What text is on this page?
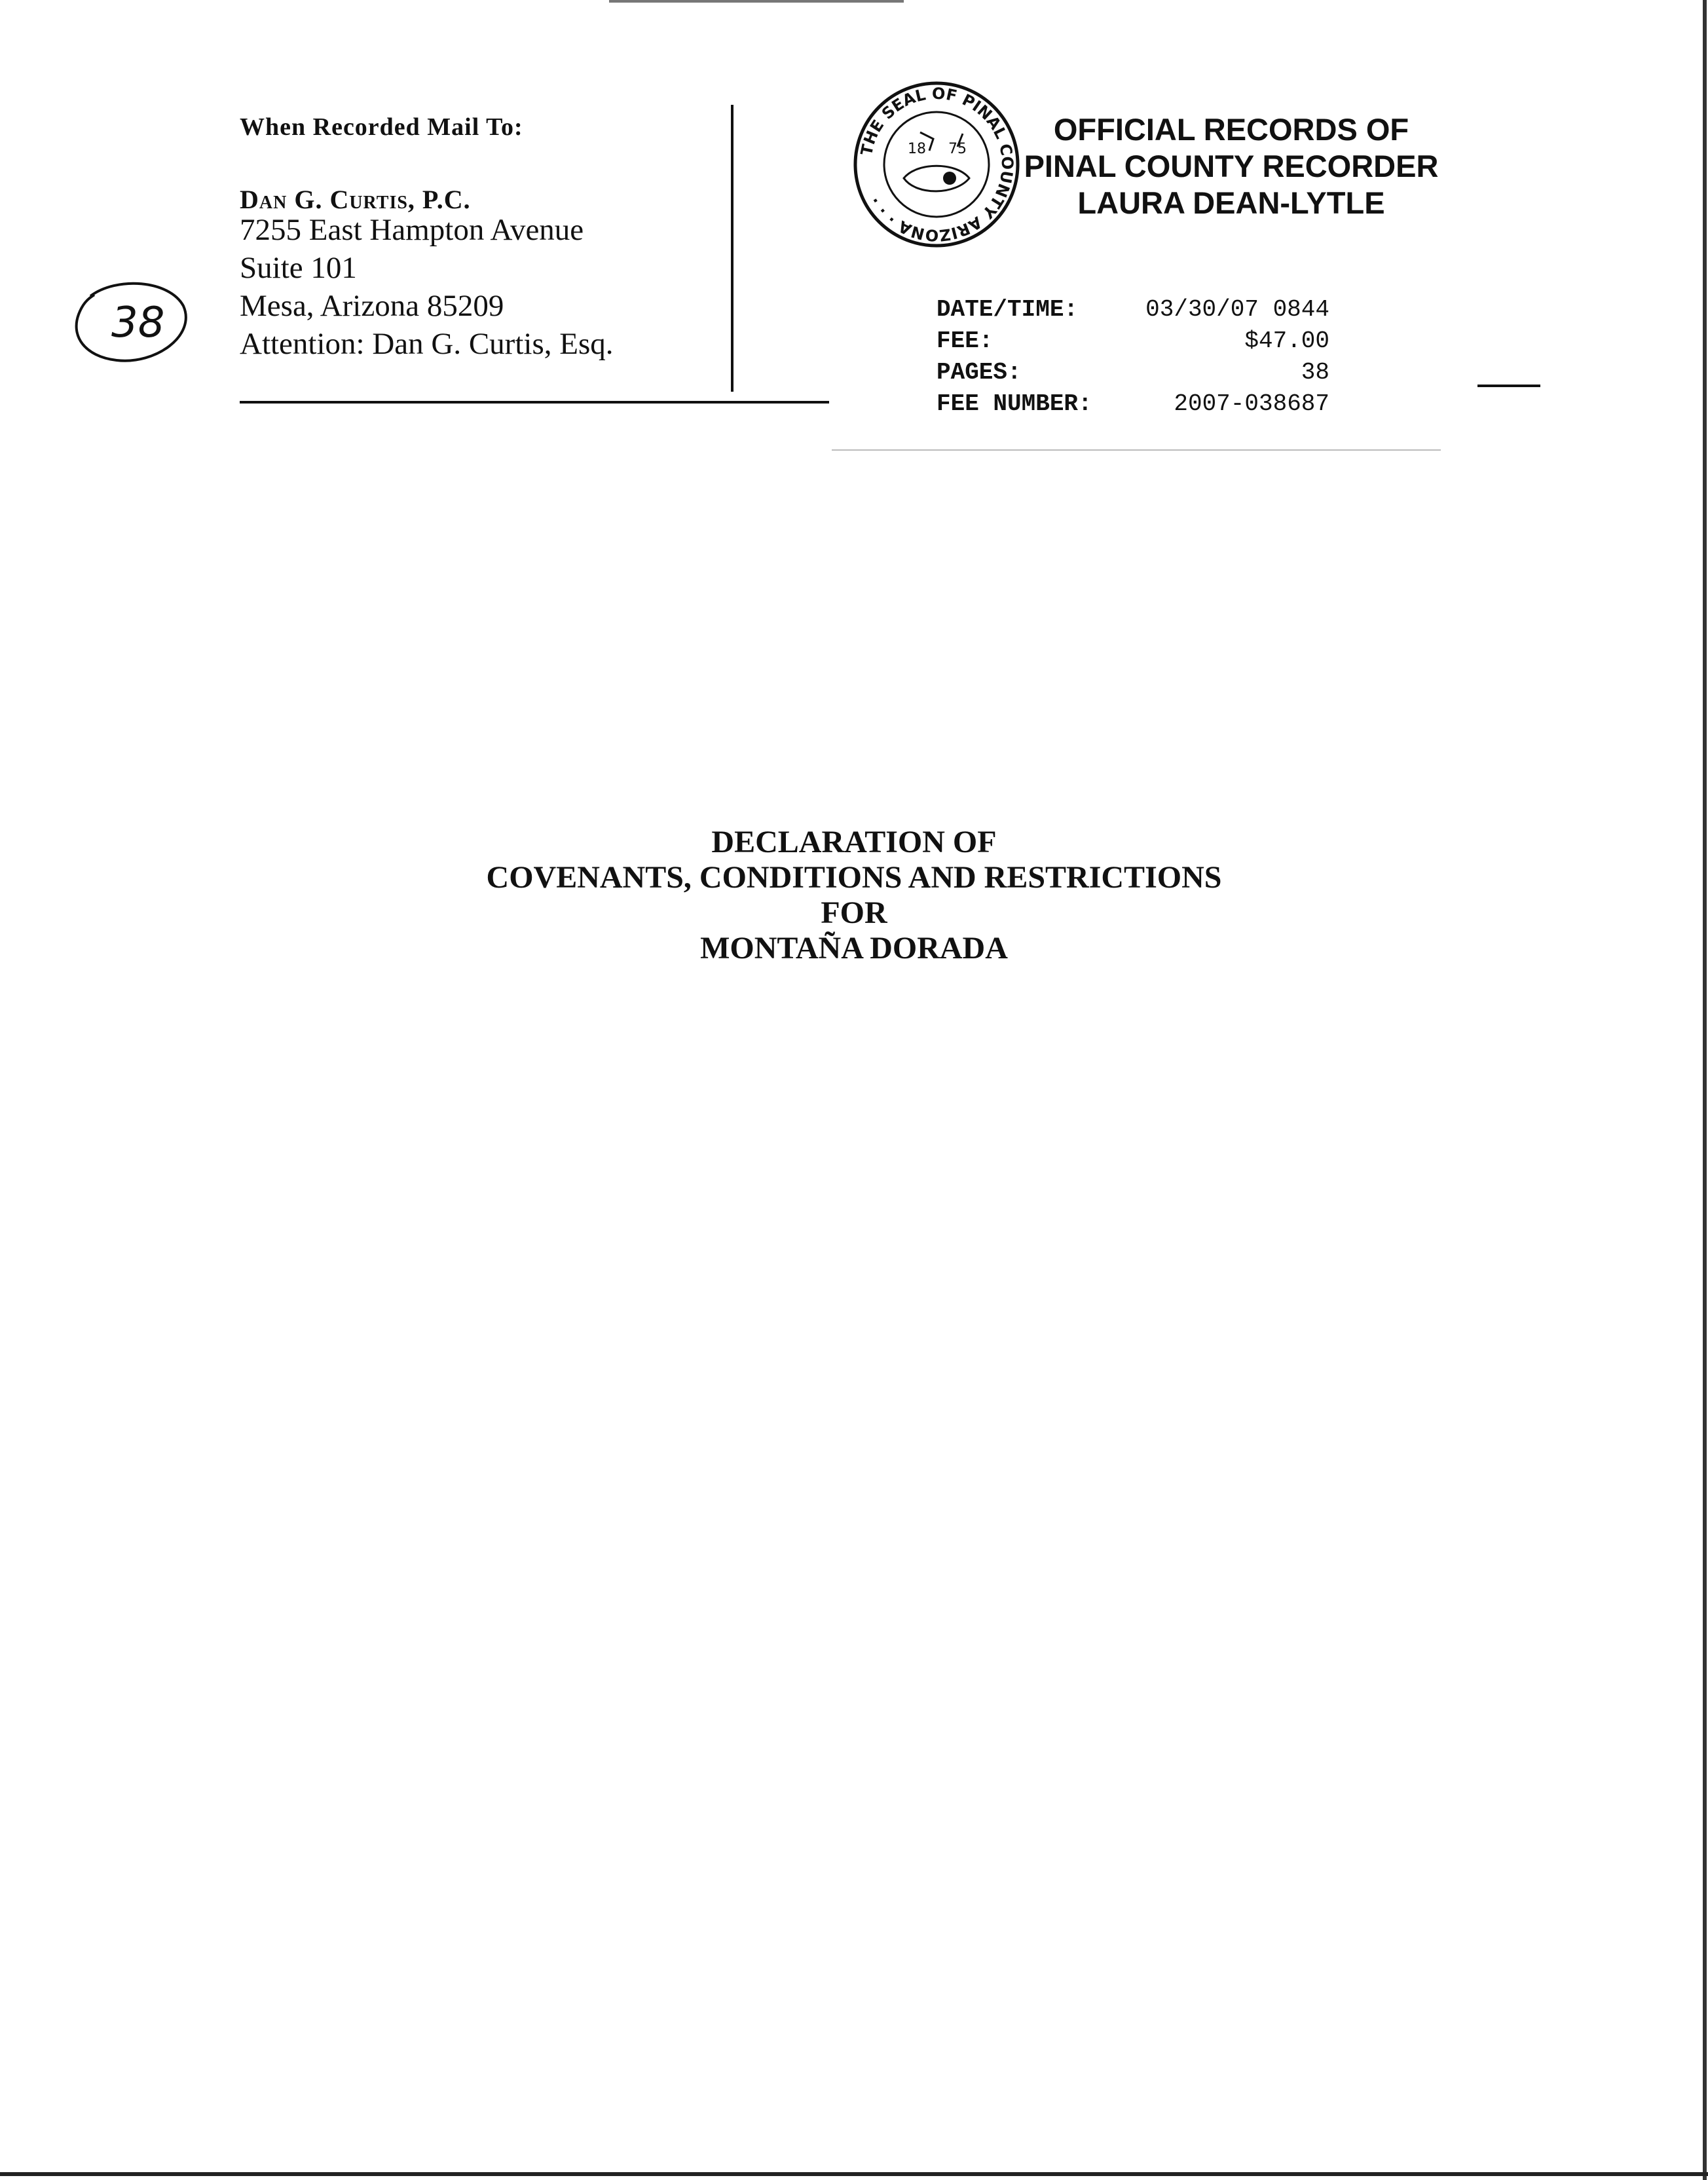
When Recorded Mail To:
Dan G. Curtis, P.C.
7255 East Hampton Avenue
Suite 101
Mesa, Arizona 85209
Attention: Dan G. Curtis, Esq.
38
THE SEAL OF PINAL COUNTY ARIZONA · · ·
18 75
OFFICIAL RECORDS OF
PINAL COUNTY RECORDER
LAURA DEAN-LYTLE
DATE/TIME:	03/30/07 0844
FEE:	$47.00
PAGES:	38
FEE NUMBER:	2007-038687
DECLARATION OF
COVENANTS, CONDITIONS AND RESTRICTIONS
FOR
MONTAÑA DORADA
